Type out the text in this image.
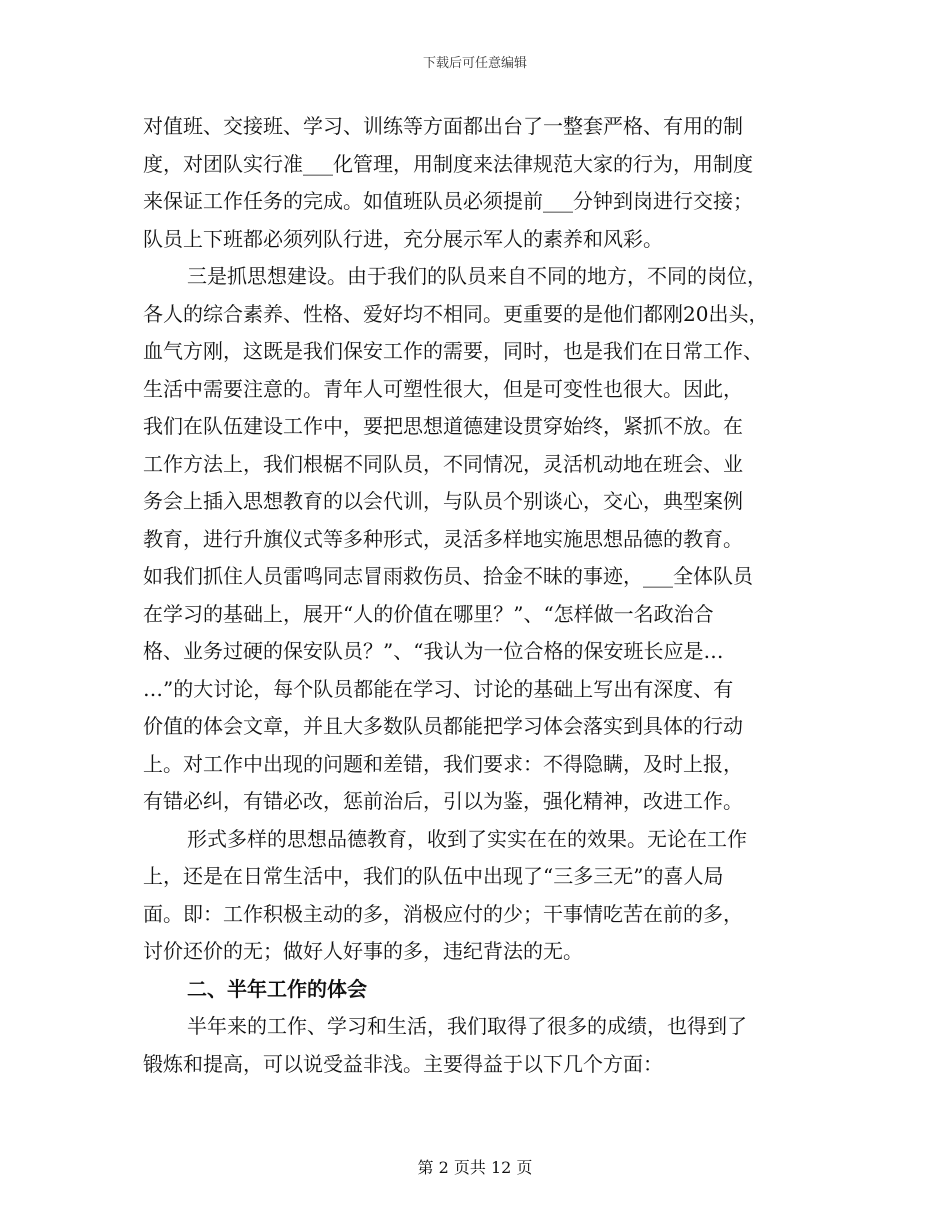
下载后可任意编辑
对值班、交接班、学习、训练等方面都出台了一整套严格、有用的制
度，对团队实行准___化管理，用制度来法律规范大家的行为，用制度
来保证工作任务的完成。如值班队员必须提前___分钟到岗进行交接；
队员上下班都必须列队行进，充分展示军人的素养和风彩。
三是抓思想建设。由于我们的队员来自不同的地方，不同的岗位，
各人的综合素养、性格、爱好均不相同。更重要的是他们都刚20出头，
血气方刚，这既是我们保安工作的需要，同时，也是我们在日常工作、
生活中需要注意的。青年人可塑性很大，但是可变性也很大。因此，
我们在队伍建设工作中，要把思想道德建设贯穿始终，紧抓不放。在
工作方法上，我们根椐不同队员，不同情况，灵活机动地在班会、业
务会上插入思想教育的以会代训，与队员个别谈心，交心，典型案例
教育，进行升旗仪式等多种形式，灵活多样地实施思想品德的教育。
如我们抓住人员雷鸣同志冒雨救伤员、拾金不昧的事迹，___全体队员
在学习的基础上，展开“人的价值在哪里？”、“怎样做一名政治合
格、业务过硬的保安队员？”、“我认为一位合格的保安班长应是…
…”的大讨论，每个队员都能在学习、讨论的基础上写出有深度、有
价值的体会文章，并且大多数队员都能把学习体会落实到具体的行动
上。对工作中出现的问题和差错，我们要求：不得隐瞒，及时上报，
有错必纠，有错必改，惩前治后，引以为鉴，强化精神，改进工作。
形式多样的思想品德教育，收到了实实在在的效果。无论在工作
上，还是在日常生活中，我们的队伍中出现了“三多三无”的喜人局
面。即：工作积极主动的多，消极应付的少；干事情吃苦在前的多，
讨价还价的无；做好人好事的多，违纪背法的无。
二、半年工作的体会
半年来的工作、学习和生活，我们取得了很多的成绩，也得到了
锻炼和提高，可以说受益非浅。主要得益于以下几个方面：
第 2 页共 12 页
